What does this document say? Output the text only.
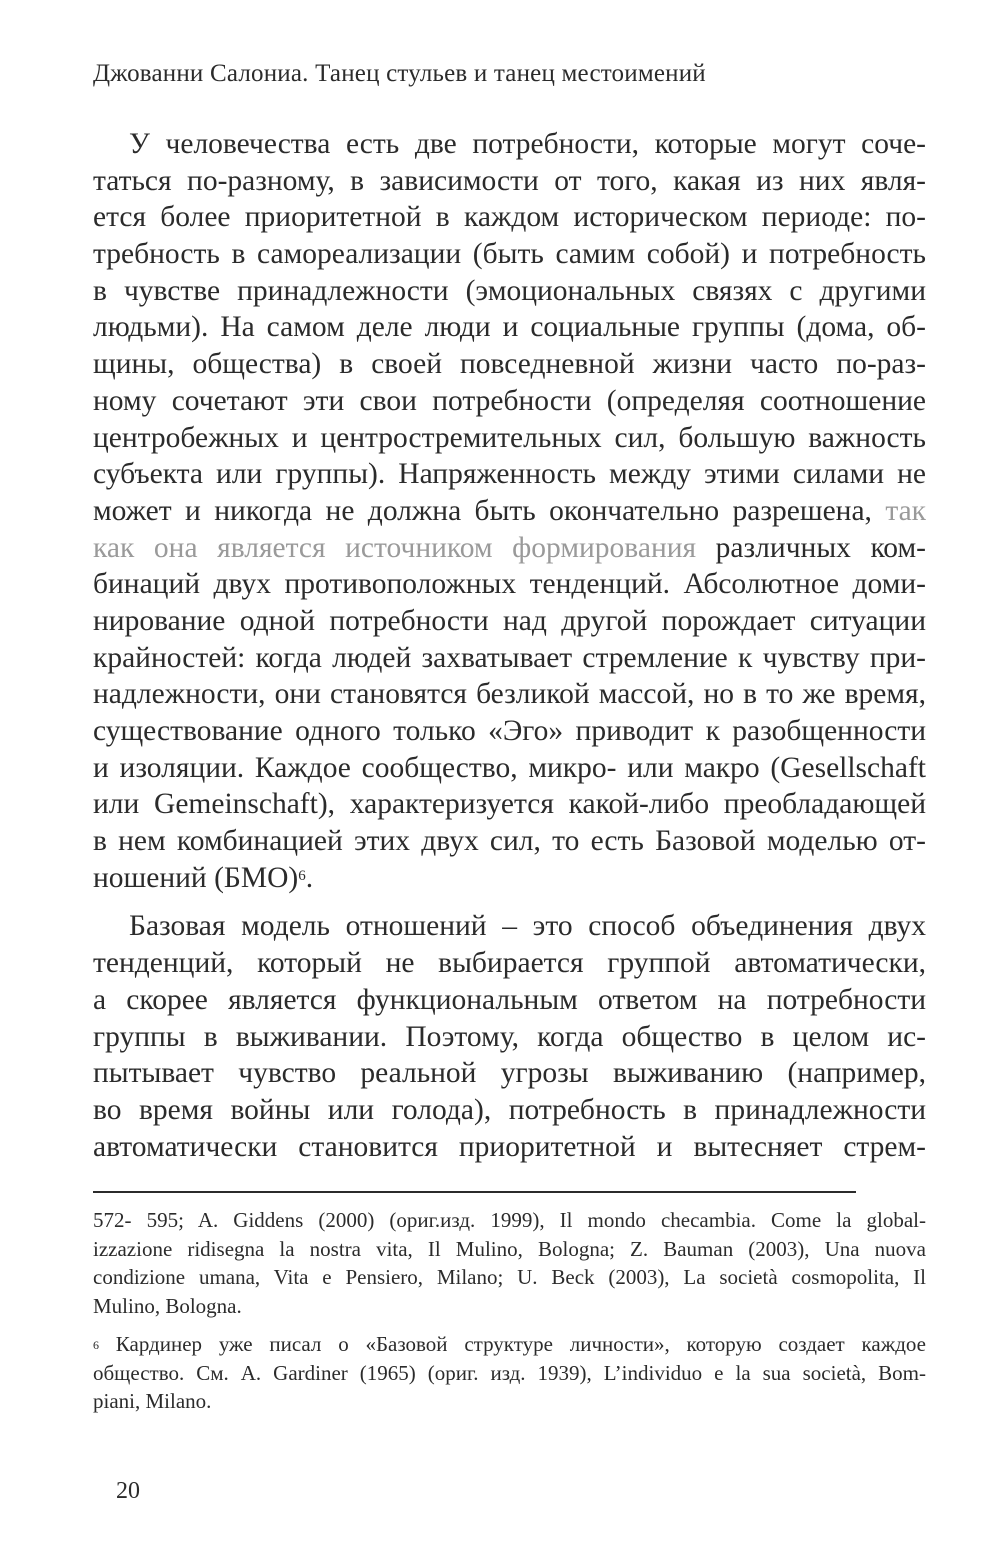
Джованни Салониа. Танец стульев и танец местоимений
У человечества есть две потребности, которые могут соче-
таться по-разному, в зависимости от того, какая из них явля-
ется более приоритетной в каждом историческом периоде: по-
требность в самореализации (быть самим собой) и потребность
в чувстве принадлежности (эмоциональных связях с другими
людьми). На самом деле люди и социальные группы (дома, об-
щины, общества) в своей повседневной жизни часто по-раз-
ному сочетают эти свои потребности (определяя соотношение
центробежных и центростремительных сил, большую важность
субъекта или группы). Напряженность между этими силами не
может и никогда не должна быть окончательно разрешена, так
как она является источником формирования различных ком-
бинаций двух противоположных тенденций. Абсолютное доми-
нирование одной потребности над другой порождает ситуации
крайностей: когда людей захватывает стремление к чувству при-
надлежности, они становятся безликой массой, но в то же время,
существование одного только «Эго» приводит к разобщенности
и изоляции. Каждое сообщество, микро- или макро (Gesellschaft
или Gemeinschaft), характеризуется какой-либо преобладающей
в нем комбинацией этих двух сил, то есть Базовой моделью от-
ношений (БМО)$^6$.
Базовая модель отношений – это способ объединения двух
тенденций, который не выбирается группой автоматически,
а скорее является функциональным ответом на потребности
группы в выживании. Поэтому, когда общество в целом ис-
пытывает чувство реальной угрозы выживанию (например,
во время войны или голода), потребность в принадлежности
автоматически становится приоритетной и вытесняет стрем-
572- 595; A. Giddens (2000) (ориг.изд. 1999), Il mondo checambia. Come la global-
izzazione ridisegna la nostra vita, Il Mulino, Bologna; Z. Bauman (2003), Una nuova
condizione umana, Vita e Pensiero, Milano; U. Beck (2003), La società cosmopolita, Il
Mulino, Bologna.
$^6$ Кардинер уже писал о «Базовой структуре личности», которую создает каждое
общество. См. A. Gardiner (1965) (ориг. изд. 1939), L’individuo e la sua società, Bom-
piani, Milano.
20
